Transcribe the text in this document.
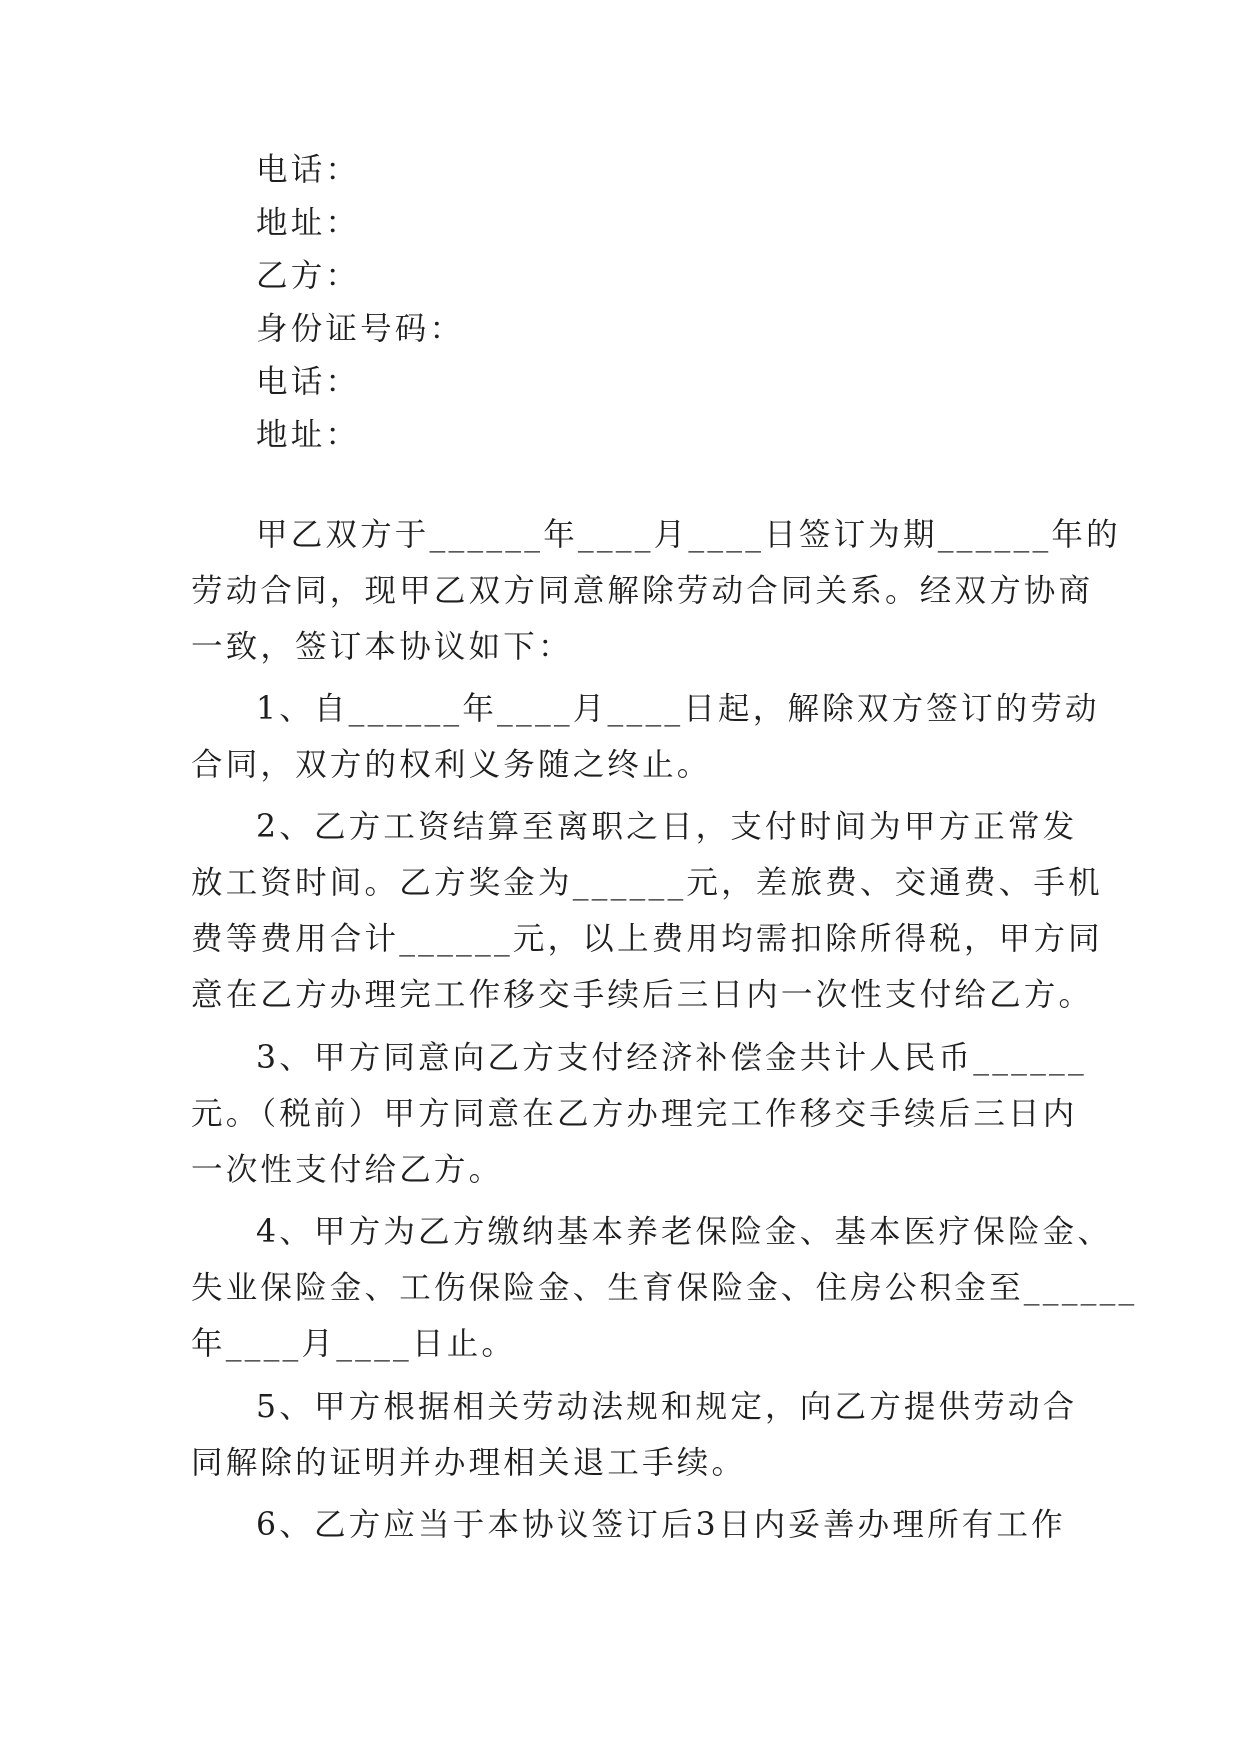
电话：
地址：
乙方：
身份证号码：
电话：
地址：
甲乙双方于______年____月____日签订为期______年的
劳动合同，现甲乙双方同意解除劳动合同关系。经双方协商
一致，签订本协议如下：
1、自______年____月____日起，解除双方签订的劳动
合同，双方的权利义务随之终止。
2、乙方工资结算至离职之日，支付时间为甲方正常发
放工资时间。乙方奖金为______元，差旅费、交通费、手机
费等费用合计______元，以上费用均需扣除所得税，甲方同
意在乙方办理完工作移交手续后三日内一次性支付给乙方。
3、甲方同意向乙方支付经济补偿金共计人民币______
元。（税前）甲方同意在乙方办理完工作移交手续后三日内
一次性支付给乙方。
4、甲方为乙方缴纳基本养老保险金、基本医疗保险金、
失业保险金、工伤保险金、生育保险金、住房公积金至______
年____月____日止。
5、甲方根据相关劳动法规和规定，向乙方提供劳动合
同解除的证明并办理相关退工手续。
6、乙方应当于本协议签订后3日内妥善办理所有工作
